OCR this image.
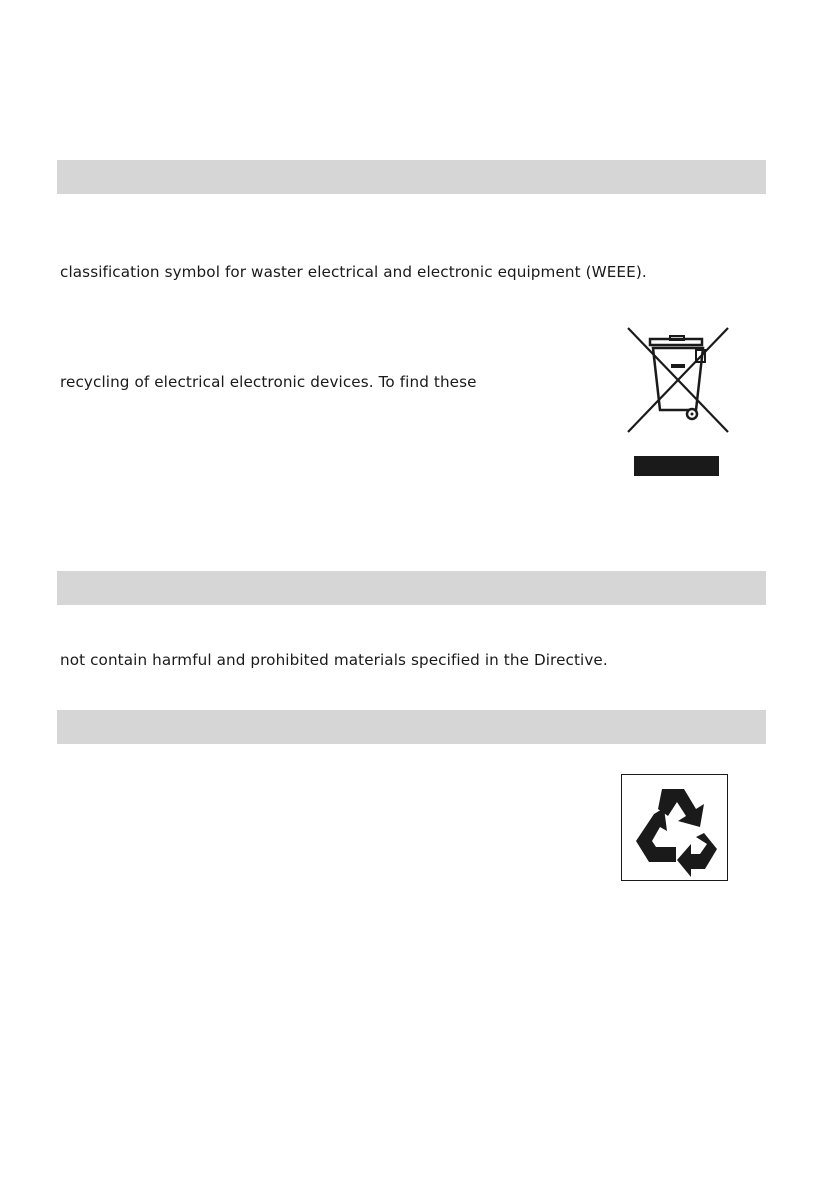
classification symbol for waster electrical and electronic equipment (WEEE).
recycling of electrical electronic devices. To find these
not contain harmful and prohibited materials specified in the Directive.
